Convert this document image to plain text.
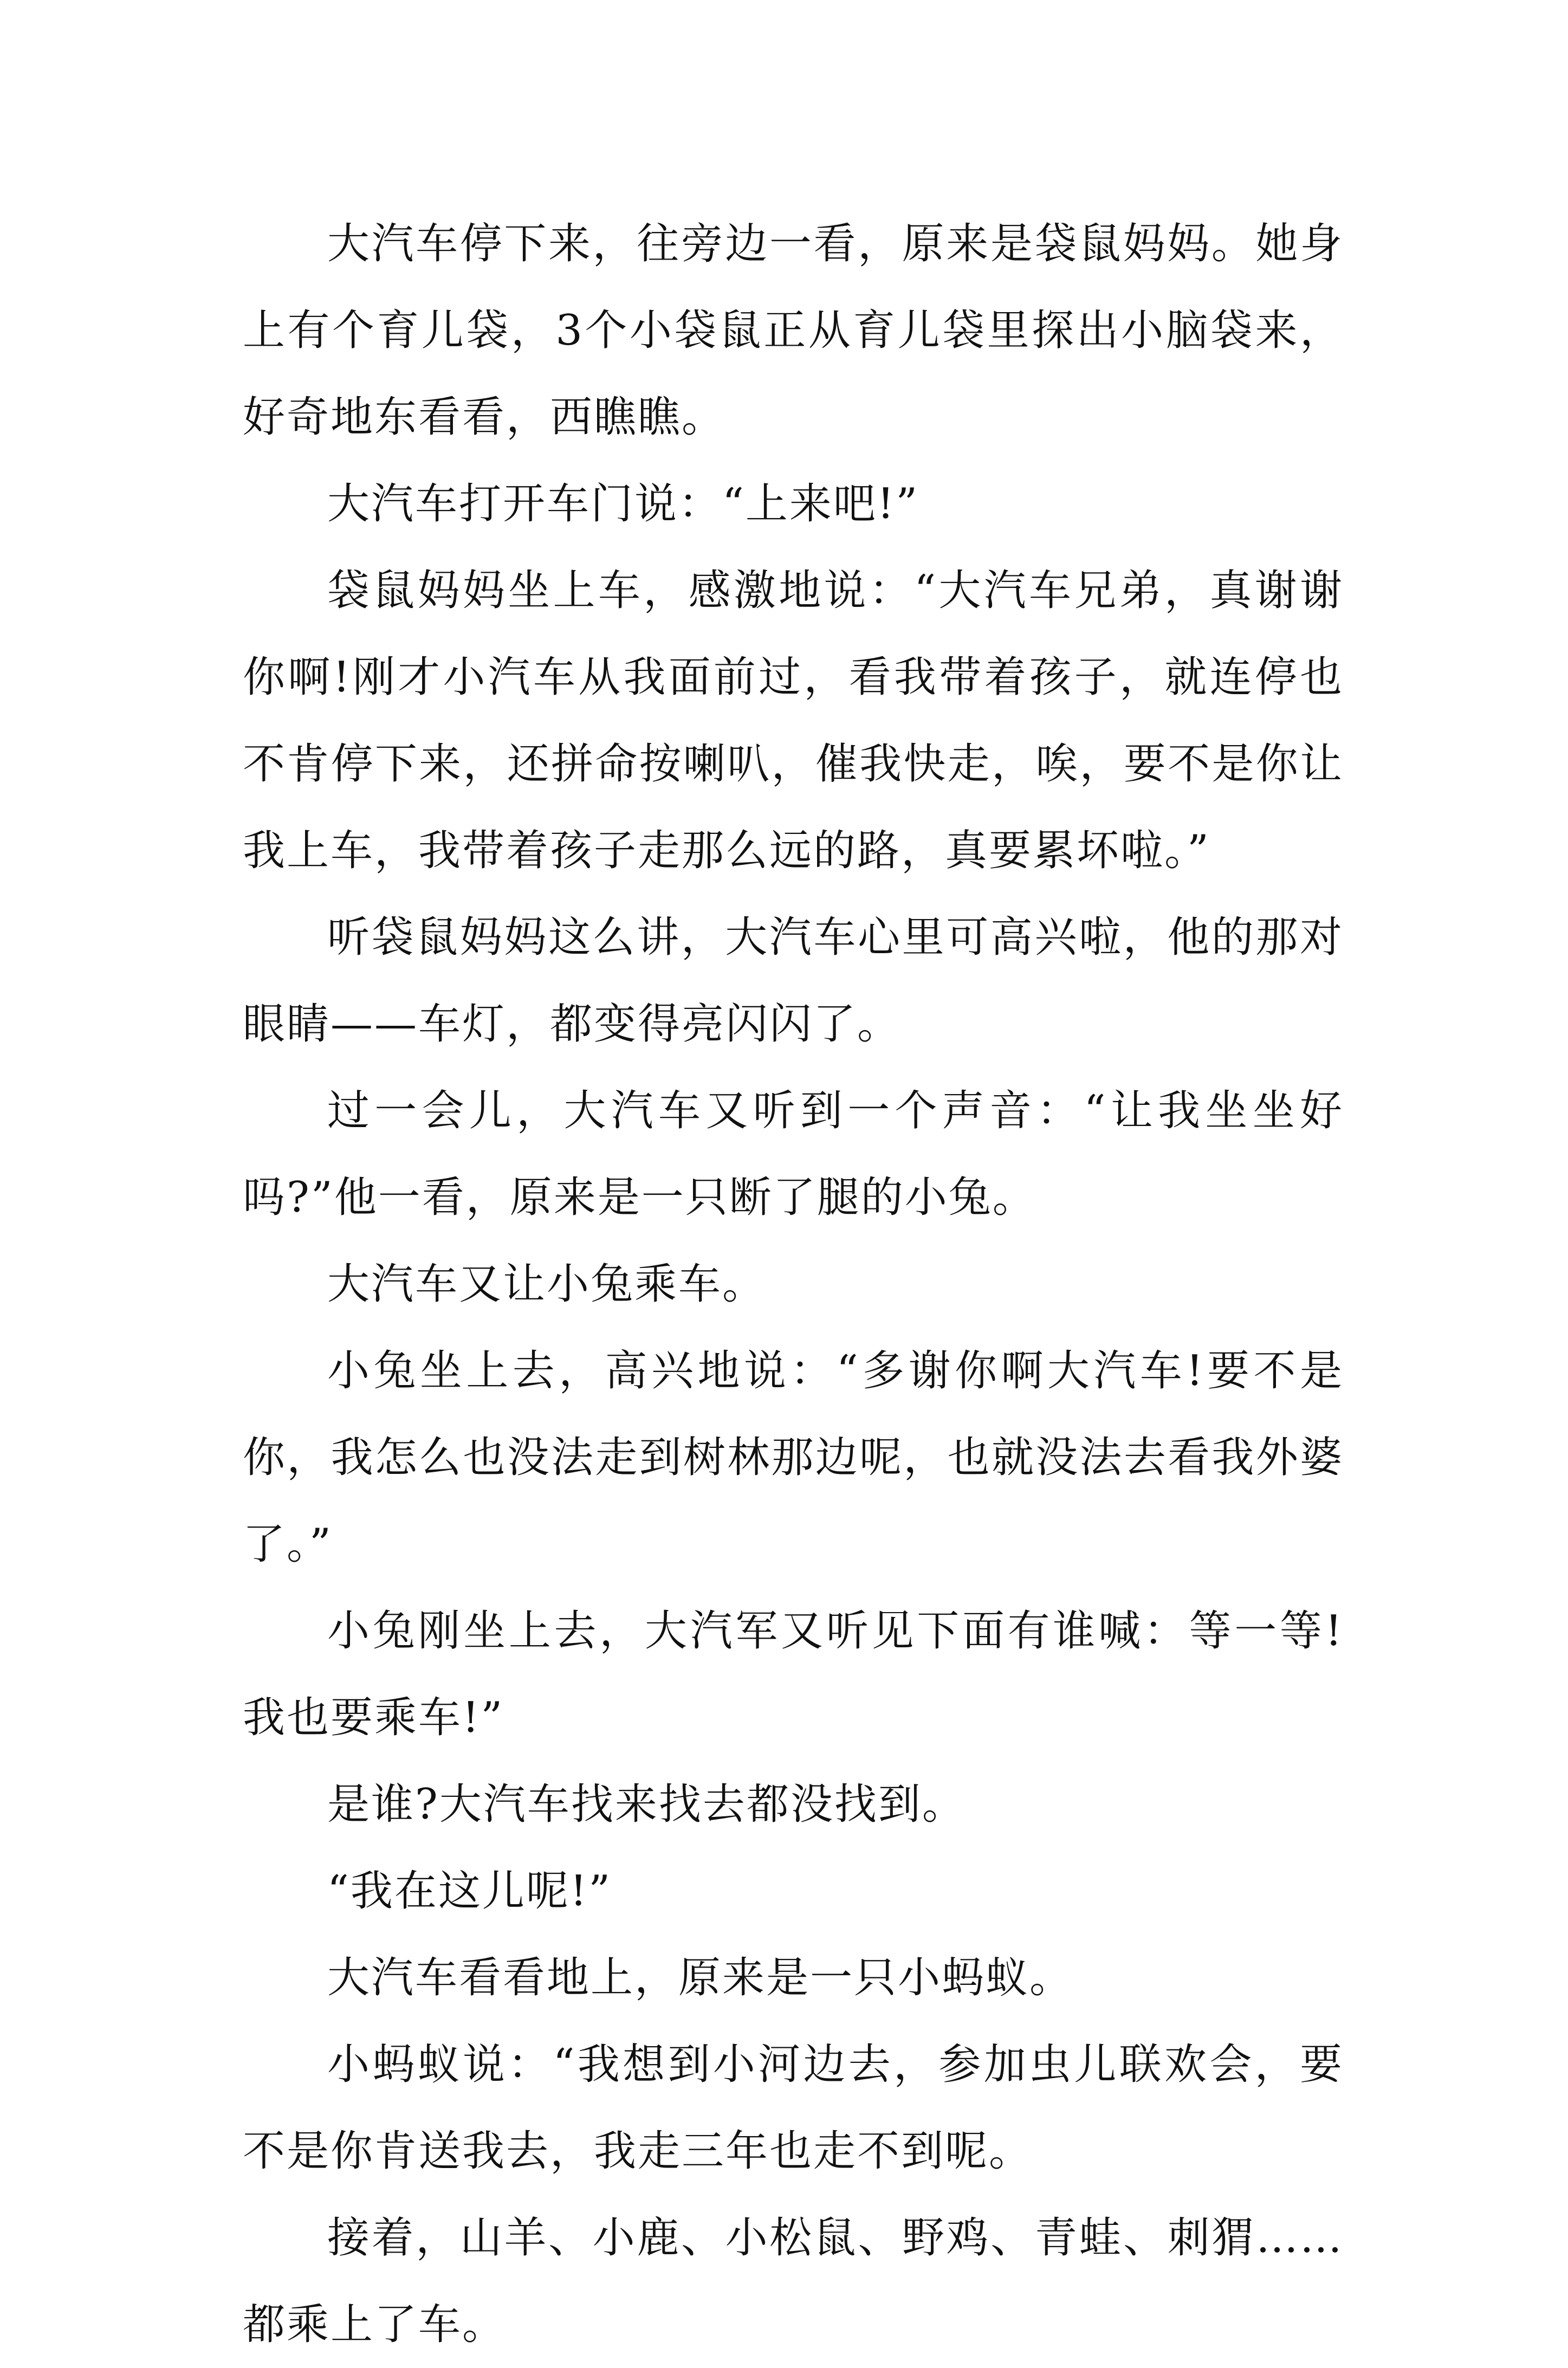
大汽车停下来，往旁边一看，原来是袋鼠妈妈。她身上有个育儿袋，3个小袋鼠正从育儿袋里探出小脑袋来，好奇地东看看，西瞧瞧。

大汽车打开车门说：“上来吧!”

袋鼠妈妈坐上车，感激地说：“大汽车兄弟，真谢谢你啊!刚才小汽车从我面前过，看我带着孩子，就连停也不肯停下来，还拼命按喇叭，催我快走，唉，要不是你让我上车，我带着孩子走那么远的路，真要累坏啦。”

听袋鼠妈妈这么讲，大汽车心里可高兴啦，他的那对眼睛——车灯，都变得亮闪闪了。

过一会儿，大汽车又听到一个声音：“让我坐坐好吗?”他一看，原来是一只断了腿的小兔。

大汽车又让小兔乘车。

小兔坐上去，高兴地说：“多谢你啊大汽车!要不是你，我怎么也没法走到树林那边呢，也就没法去看我外婆了。”

小兔刚坐上去，大汽军又听见下面有谁喊：等一等!我也要乘车!”

是谁?大汽车找来找去都没找到。

“我在这儿呢!”

大汽车看看地上，原来是一只小蚂蚁。

小蚂蚁说：“我想到小河边去，参加虫儿联欢会，要不是你肯送我去，我走三年也走不到呢。

接着，山羊、小鹿、小松鼠、野鸡、青蛙、刺猬……都乘上了车。
